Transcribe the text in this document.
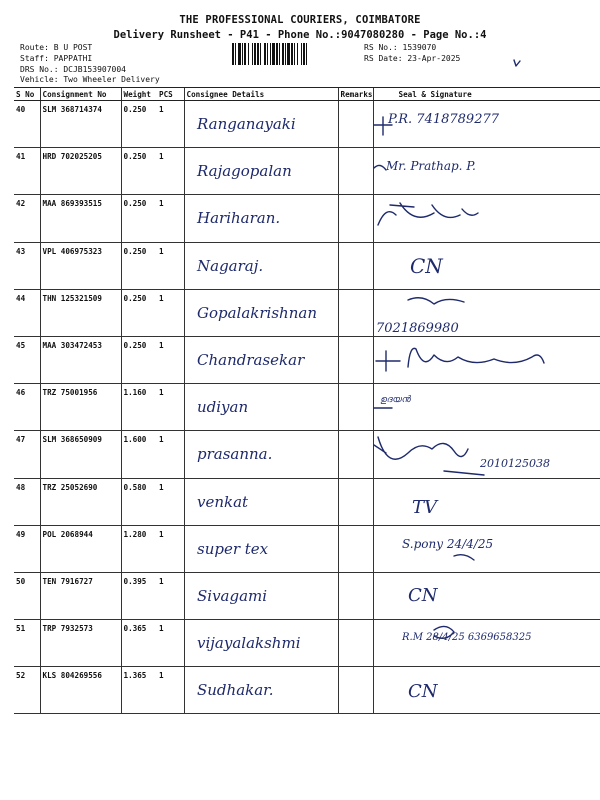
THE PROFESSIONAL COURIERS, COIMBATORE
Delivery Runsheet - P41 - Phone No.:9047080280 - Page No.:4
Route: B U POST
Staff: PAPPATHI
DRS No.: DCJB153907004
Vehicle: Two Wheeler Delivery
RS No.: 1539070
RS Date: 23-Apr-2025
S No	Consignment No	Weight	PCS	Consignee Details	Remarks	Seal & Signature
40	SLM 368714374	0.250	1	Ranganayaki		P.R. 7418789277

41	HRD 702025205	0.250	1	Rajagopalan		Mr. Prathap. P.

42	MAA 869393515	0.250	1	Hariharan.

43	VPL 406975323	0.250	1	Nagaraj.		CN

44	THN 125321509	0.250	1	Gopalakrishnan		7021869980

45	MAA 303472453	0.250	1	Chandrasekar

46	TRZ 75001956	1.160	1	udiyan		ഉദയൻ

47	SLM 368650909	1.600	1	prasanna.		2010125038

48	TRZ 25052690	0.580	1	venkat		TV

49	POL 2068944	1.280	1	super tex		S.pony 24/4/25

50	TEN 7916727	0.395	1	Sivagami		CN

51	TRP 7932573	0.365	1	vijayalakshmi		R.M 28/4/25 6369658325

52	KLS 804269556	1.365	1	Sudhakar.		CN
